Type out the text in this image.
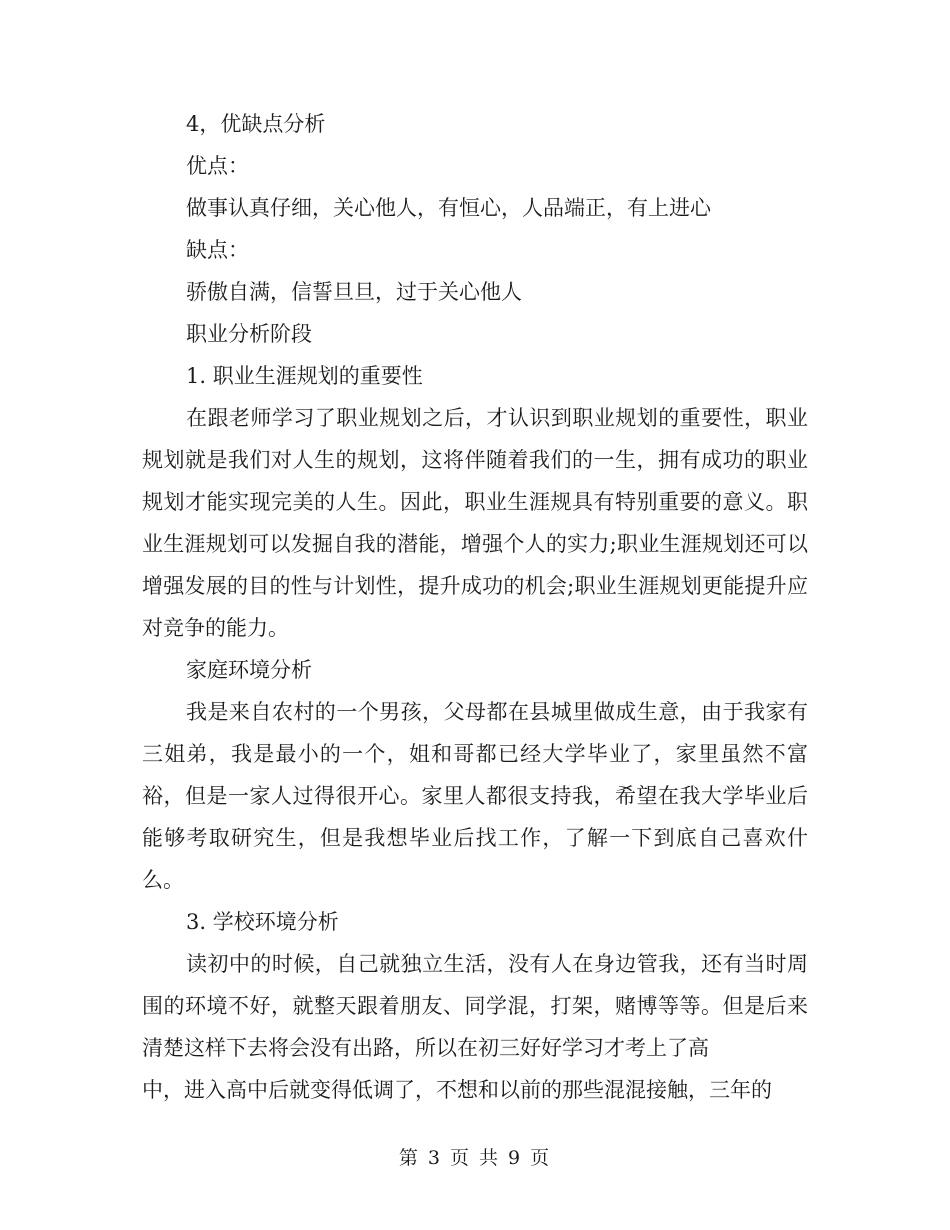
4，优缺点分析

优点：

做事认真仔细，关心他人，有恒心，人品端正，有上进心

缺点：

骄傲自满，信誓旦旦，过于关心他人

职业分析阶段

1. 职业生涯规划的重要性

在跟老师学习了职业规划之后，才认识到职业规划的重要性，职业规划就是我们对人生的规划，这将伴随着我们的一生，拥有成功的职业规划才能实现完美的人生。因此，职业生涯规具有特别重要的意义。职业生涯规划可以发掘自我的潜能，增强个人的实力;职业生涯规划还可以增强发展的目的性与计划性，提升成功的机会;职业生涯规划更能提升应对竞争的能力。

家庭环境分析

我是来自农村的一个男孩，父母都在县城里做成生意，由于我家有三姐弟，我是最小的一个，姐和哥都已经大学毕业了，家里虽然不富裕，但是一家人过得很开心。家里人都很支持我，希望在我大学毕业后能够考取研究生，但是我想毕业后找工作，了解一下到底自己喜欢什么。

3. 学校环境分析

读初中的时候，自己就独立生活，没有人在身边管我，还有当时周围的环境不好，就整天跟着朋友、同学混，打架，赌博等等。但是后来清楚这样下去将会没有出路，所以在初三好好学习才考上了高

中，进入高中后就变得低调了，不想和以前的那些混混接触，三年的

第 3 页 共 9 页
